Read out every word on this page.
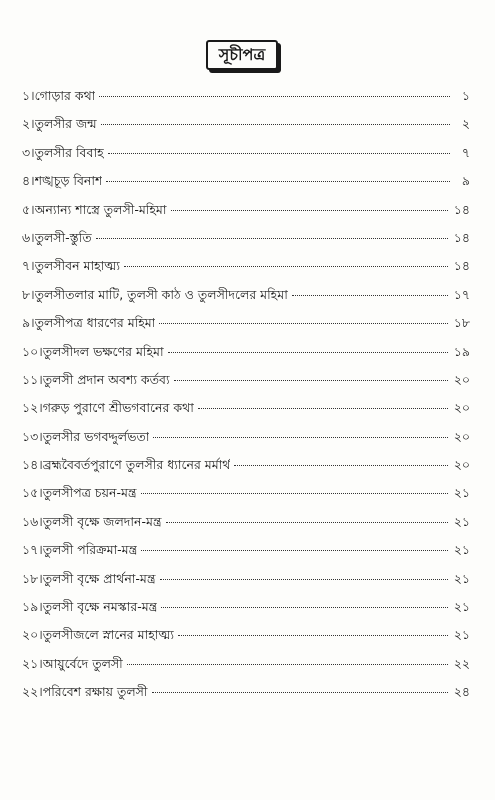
সূচীপত্র
১। গোড়ার কথা	১
২। তুলসীর জন্ম	২
৩। তুলসীর বিবাহ	৭
৪। শঙ্খচূড় বিনাশ	৯
৫। অন্যান্য শাস্ত্রে তুলসী-মহিমা	১৪
৬। তুলসী-স্তুতি	১৪
৭। তুলসীবন মাহাত্ম্য	১৪
৮। তুলসীতলার মাটি, তুলসী কাঠ ও তুলসীদলের মহিমা	১৭
৯। তুলসীপত্র ধারণের মহিমা	১৮
১০। তুলসীদল ভক্ষণের মহিমা	১৯
১১। তুলসী প্রদান অবশ্য কর্তব্য	২০
১২। গরুড় পুরাণে শ্রীভগবানের কথা	২০
১৩। তুলসীর ভগবদ্দুর্লভতা	২০
১৪। ব্রহ্মবৈবর্তপুরাণে তুলসীর ধ্যানের মর্মার্থ	২০
১৫। তুলসীপত্র চয়ন-মন্ত্র	২১
১৬। তুলসী বৃক্ষে জলদান-মন্ত্র	২১
১৭। তুলসী পরিক্রমা-মন্ত্র	২১
১৮। তুলসী বৃক্ষে প্রার্থনা-মন্ত্র	২১
১৯। তুলসী বৃক্ষে নমস্কার-মন্ত্র	২১
২০। তুলসীজলে স্নানের মাহাত্ম্য	২১
২১। আয়ুর্বেদে তুলসী	২২
২২। পরিবেশ রক্ষায় তুলসী	২৪
